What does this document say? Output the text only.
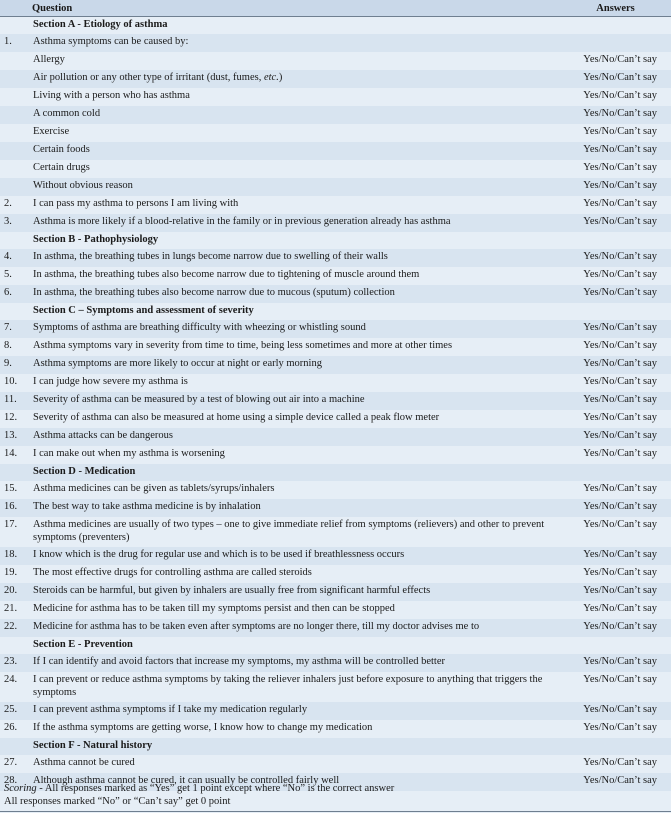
Question		Answers
	Section A - Etiology of asthma	
1.	Asthma symptoms can be caused by:	
	Allergy	Yes/No/Can’t say
	Air pollution or any other type of irritant (dust, fumes, etc.)	Yes/No/Can’t say
	Living with a person who has asthma	Yes/No/Can’t say
	A common cold	Yes/No/Can’t say
	Exercise	Yes/No/Can’t say
	Certain foods	Yes/No/Can’t say
	Certain drugs	Yes/No/Can’t say
	Without obvious reason	Yes/No/Can’t say
2.	I can pass my asthma to persons I am living with	Yes/No/Can’t say
3.	Asthma is more likely if a blood-relative in the family or in previous generation already has asthma	Yes/No/Can’t say
	Section B - Pathophysiology	
4.	In asthma, the breathing tubes in lungs become narrow due to swelling of their walls	Yes/No/Can’t say
5.	In asthma, the breathing tubes also become narrow due to tightening of muscle around them	Yes/No/Can’t say
6.	In asthma, the breathing tubes also become narrow due to mucous (sputum) collection	Yes/No/Can’t say
	Section C – Symptoms and assessment of severity	
7.	Symptoms of asthma are breathing difficulty with wheezing or whistling sound	Yes/No/Can’t say
8.	Asthma symptoms vary in severity from time to time, being less sometimes and more at other times	Yes/No/Can’t say
9.	Asthma symptoms are more likely to occur at night or early morning	Yes/No/Can’t say
10.	I can judge how severe my asthma is	Yes/No/Can’t say
11.	Severity of asthma can be measured by a test of blowing out air into a machine	Yes/No/Can’t say
12.	Severity of asthma can also be measured at home using a simple device called a peak flow meter	Yes/No/Can’t say
13.	Asthma attacks can be dangerous	Yes/No/Can’t say
14.	I can make out when my asthma is worsening	Yes/No/Can’t say
	Section D - Medication	
15.	Asthma medicines can be given as tablets/syrups/inhalers	Yes/No/Can’t say
16.	The best way to take asthma medicine is by inhalation	Yes/No/Can’t say
17.	Asthma medicines are usually of two types – one to give immediate relief from symptoms (relievers) and other to prevent symptoms (preventers)	Yes/No/Can’t say
18.	I know which is the drug for regular use and which is to be used if breathlessness occurs	Yes/No/Can’t say
19.	The most effective drugs for controlling asthma are called steroids	Yes/No/Can’t say
20.	Steroids can be harmful, but given by inhalers are usually free from significant harmful effects	Yes/No/Can’t say
21.	Medicine for asthma has to be taken till my symptoms persist and then can be stopped	Yes/No/Can’t say
22.	Medicine for asthma has to be taken even after symptoms are no longer there, till my doctor advises me to	Yes/No/Can’t say
	Section E - Prevention	
23.	If I can identify and avoid factors that increase my symptoms, my asthma will be controlled better	Yes/No/Can’t say
24.	I can prevent or reduce asthma symptoms by taking the reliever inhalers just before exposure to anything that triggers the symptoms	Yes/No/Can’t say
25.	I can prevent asthma symptoms if I take my medication regularly	Yes/No/Can’t say
26.	If the asthma symptoms are getting worse, I know how to change my medication	Yes/No/Can’t say
	Section F - Natural history	
27.	Asthma cannot be cured	Yes/No/Can’t say
28.	Although asthma cannot be cured, it can usually be controlled fairly well	Yes/No/Can’t say
Scoring - All responses marked as “Yes” get 1 point except where “No” is the correct answer
All responses marked “No” or “Can’t say” get 0 point
